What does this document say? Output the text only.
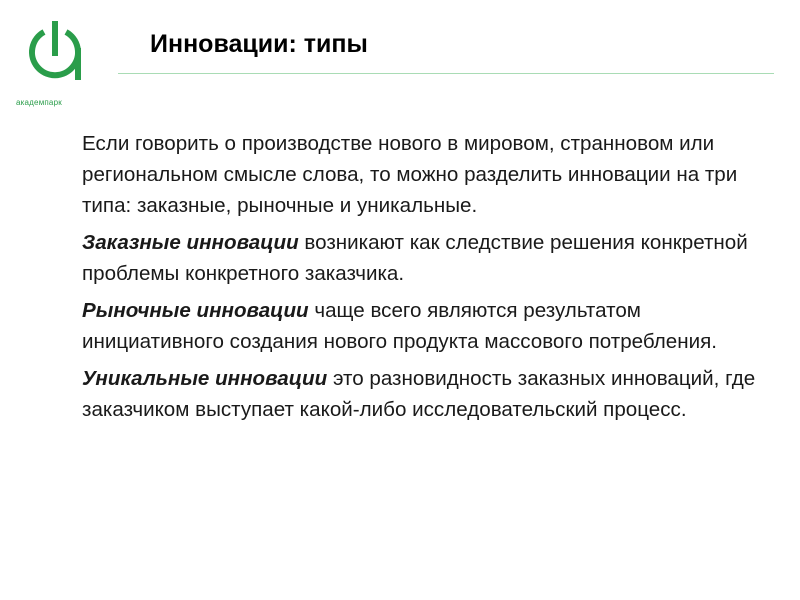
академпарк
Инновации: типы

Если говорить о производстве нового в мировом, странновом или региональном смысле слова, то можно разделить инновации на три типа: заказные, рыночные и уникальные.

Заказные инновации возникают как следствие решения конкретной проблемы конкретного заказчика.

Рыночные инновации чаще всего являются результатом инициативного создания нового продукта массового потребления.

Уникальные инновации это разновидность заказных инноваций, где заказчиком выступает какой-либо исследовательский процесс.
